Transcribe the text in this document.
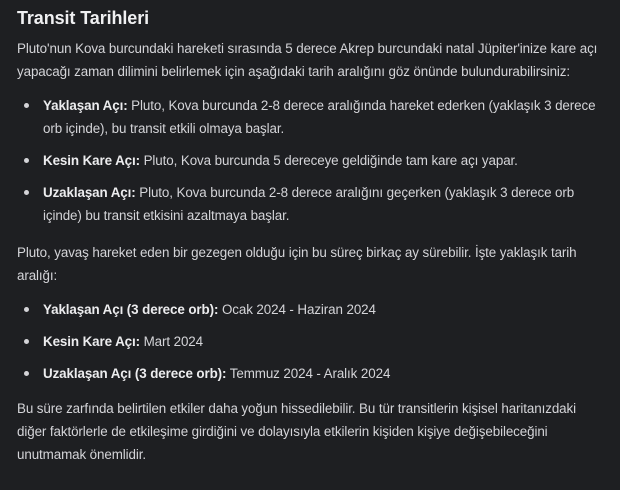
Transit Tarihleri

Pluto'nun Kova burcundaki hareketi sırasında 5 derece Akrep burcundaki natal Jüpiter'inize kare açı yapacağı zaman dilimini belirlemek için aşağıdaki tarih aralığını göz önünde bulundurabilirsiniz:

Yaklaşan Açı: Pluto, Kova burcunda 2-8 derece aralığında hareket ederken (yaklaşık 3 derece orb içinde), bu transit etkili olmaya başlar.
Kesin Kare Açı: Pluto, Kova burcunda 5 dereceye geldiğinde tam kare açı yapar.
Uzaklaşan Açı: Pluto, Kova burcunda 2-8 derece aralığını geçerken (yaklaşık 3 derece orb içinde) bu transit etkisini azaltmaya başlar.

Pluto, yavaş hareket eden bir gezegen olduğu için bu süreç birkaç ay sürebilir. İşte yaklaşık tarih aralığı:

Yaklaşan Açı (3 derece orb): Ocak 2024 - Haziran 2024
Kesin Kare Açı: Mart 2024
Uzaklaşan Açı (3 derece orb): Temmuz 2024 - Aralık 2024

Bu süre zarfında belirtilen etkiler daha yoğun hissedilebilir. Bu tür transitlerin kişisel haritanızdaki diğer faktörlerle de etkileşime girdiğini ve dolayısıyla etkilerin kişiden kişiye değişebileceğini unutmamak önemlidir.
